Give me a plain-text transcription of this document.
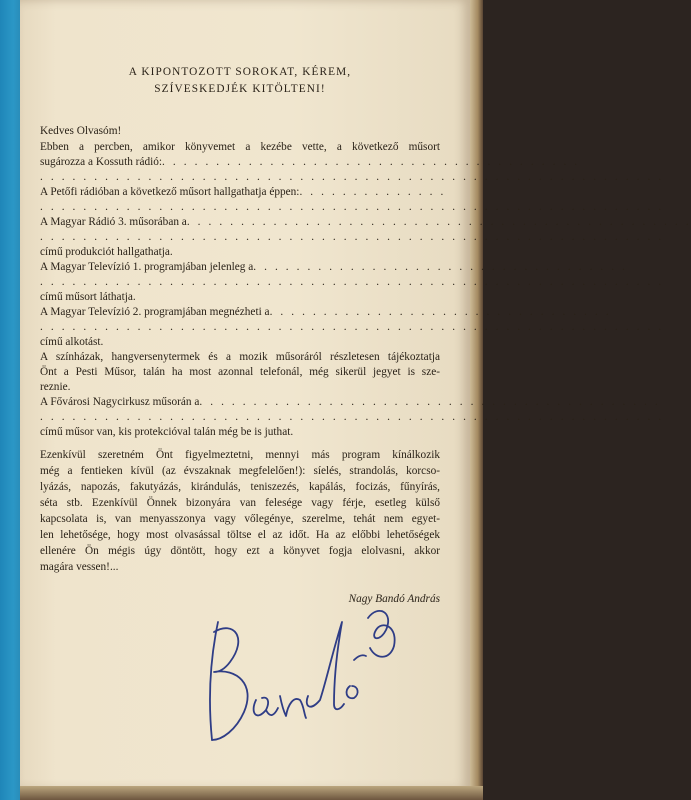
A KIPONTOZOTT SOROKAT, KÉREM,
SZÍVESKEDJÉK KITÖLTENI!
Kedves Olvasóm!
Ebben a percben, amikor könyvemet a kezébe vette, a következő műsort
sugározza a Kossuth rádió:. . . . . . . . . . . . . . . . . . . . . . . . . . . . . . . . . . . . . . .
. . . . . . . . . . . . . . . . . . . . . . . . . . . . . . . . . . . . . . . . . . . . . . . . . . . . . . . . . .
A Petőfi rádióban a következő műsort hallgathatja éppen:. . . . . . . . . . . . . .
. . . . . . . . . . . . . . . . . . . . . . . . . . . . . . . . . . . . . . . . . . . . . . . . . . . . . . . . . .
A Magyar Rádió 3. műsorában a. . . . . . . . . . . . . . . . . . . . . . . . . . . . . . . . . . . . . . . . . . . . . . .
. . . . . . . . . . . . . . . . . . . . . . . . . . . . . . . . . . . . . . . . . . . . . . . . . . . . . . . . . .
című produkciót hallgathatja.
A Magyar Televízió 1. programjában jelenleg a. . . . . . . . . . . . . . . . . . . . . . . . . . . . . . . . . . .
. . . . . . . . . . . . . . . . . . . . . . . . . . . . . . . . . . . . . . . . . . . . . . . . . . . . . . . . . .
című műsort láthatja.
A Magyar Televízió 2. programjában megnézheti a. . . . . . . . . . . . . . . . . . . . . . . . . . . . . . . .
. . . . . . . . . . . . . . . . . . . . . . . . . . . . . . . . . . . . . . . . . . . . . . . . . . . . . . . . . .
című alkotást.
A színházak, hangversenytermek és a mozik műsoráról részletesen tájékoztatja
Önt a Pesti Műsor, talán ha most azonnal telefonál, még sikerül jegyet is sze-
reznie.
A Fővárosi Nagycirkusz műsorán a. . . . . . . . . . . . . . . . . . . . . . . . . . . . . . . . . . . . . . . . . . .
. . . . . . . . . . . . . . . . . . . . . . . . . . . . . . . . . . . . . . . . . . . . . . . . . . . . . . . . . .
című műsor van, kis protekcióval talán még be is juthat.
Ezenkívül szeretném Önt figyelmeztetni, mennyi más program kínálkozik
még a fentieken kívül (az évszaknak megfelelően!): síelés, strandolás, korcso-
lyázás, napozás, fakutyázás, kirándulás, teniszezés, kapálás, focizás, fűnyírás,
séta stb. Ezenkívül Önnek bizonyára van felesége vagy férje, esetleg külső
kapcsolata is, van menyasszonya vagy vőlegénye, szerelme, tehát nem egyet-
len lehetősége, hogy most olvasással töltse el az időt. Ha az előbbi lehetőségek
ellenére Ön mégis úgy döntött, hogy ezt a könyvet fogja elolvasni, akkor
magára vessen!...
Nagy Bandó András
